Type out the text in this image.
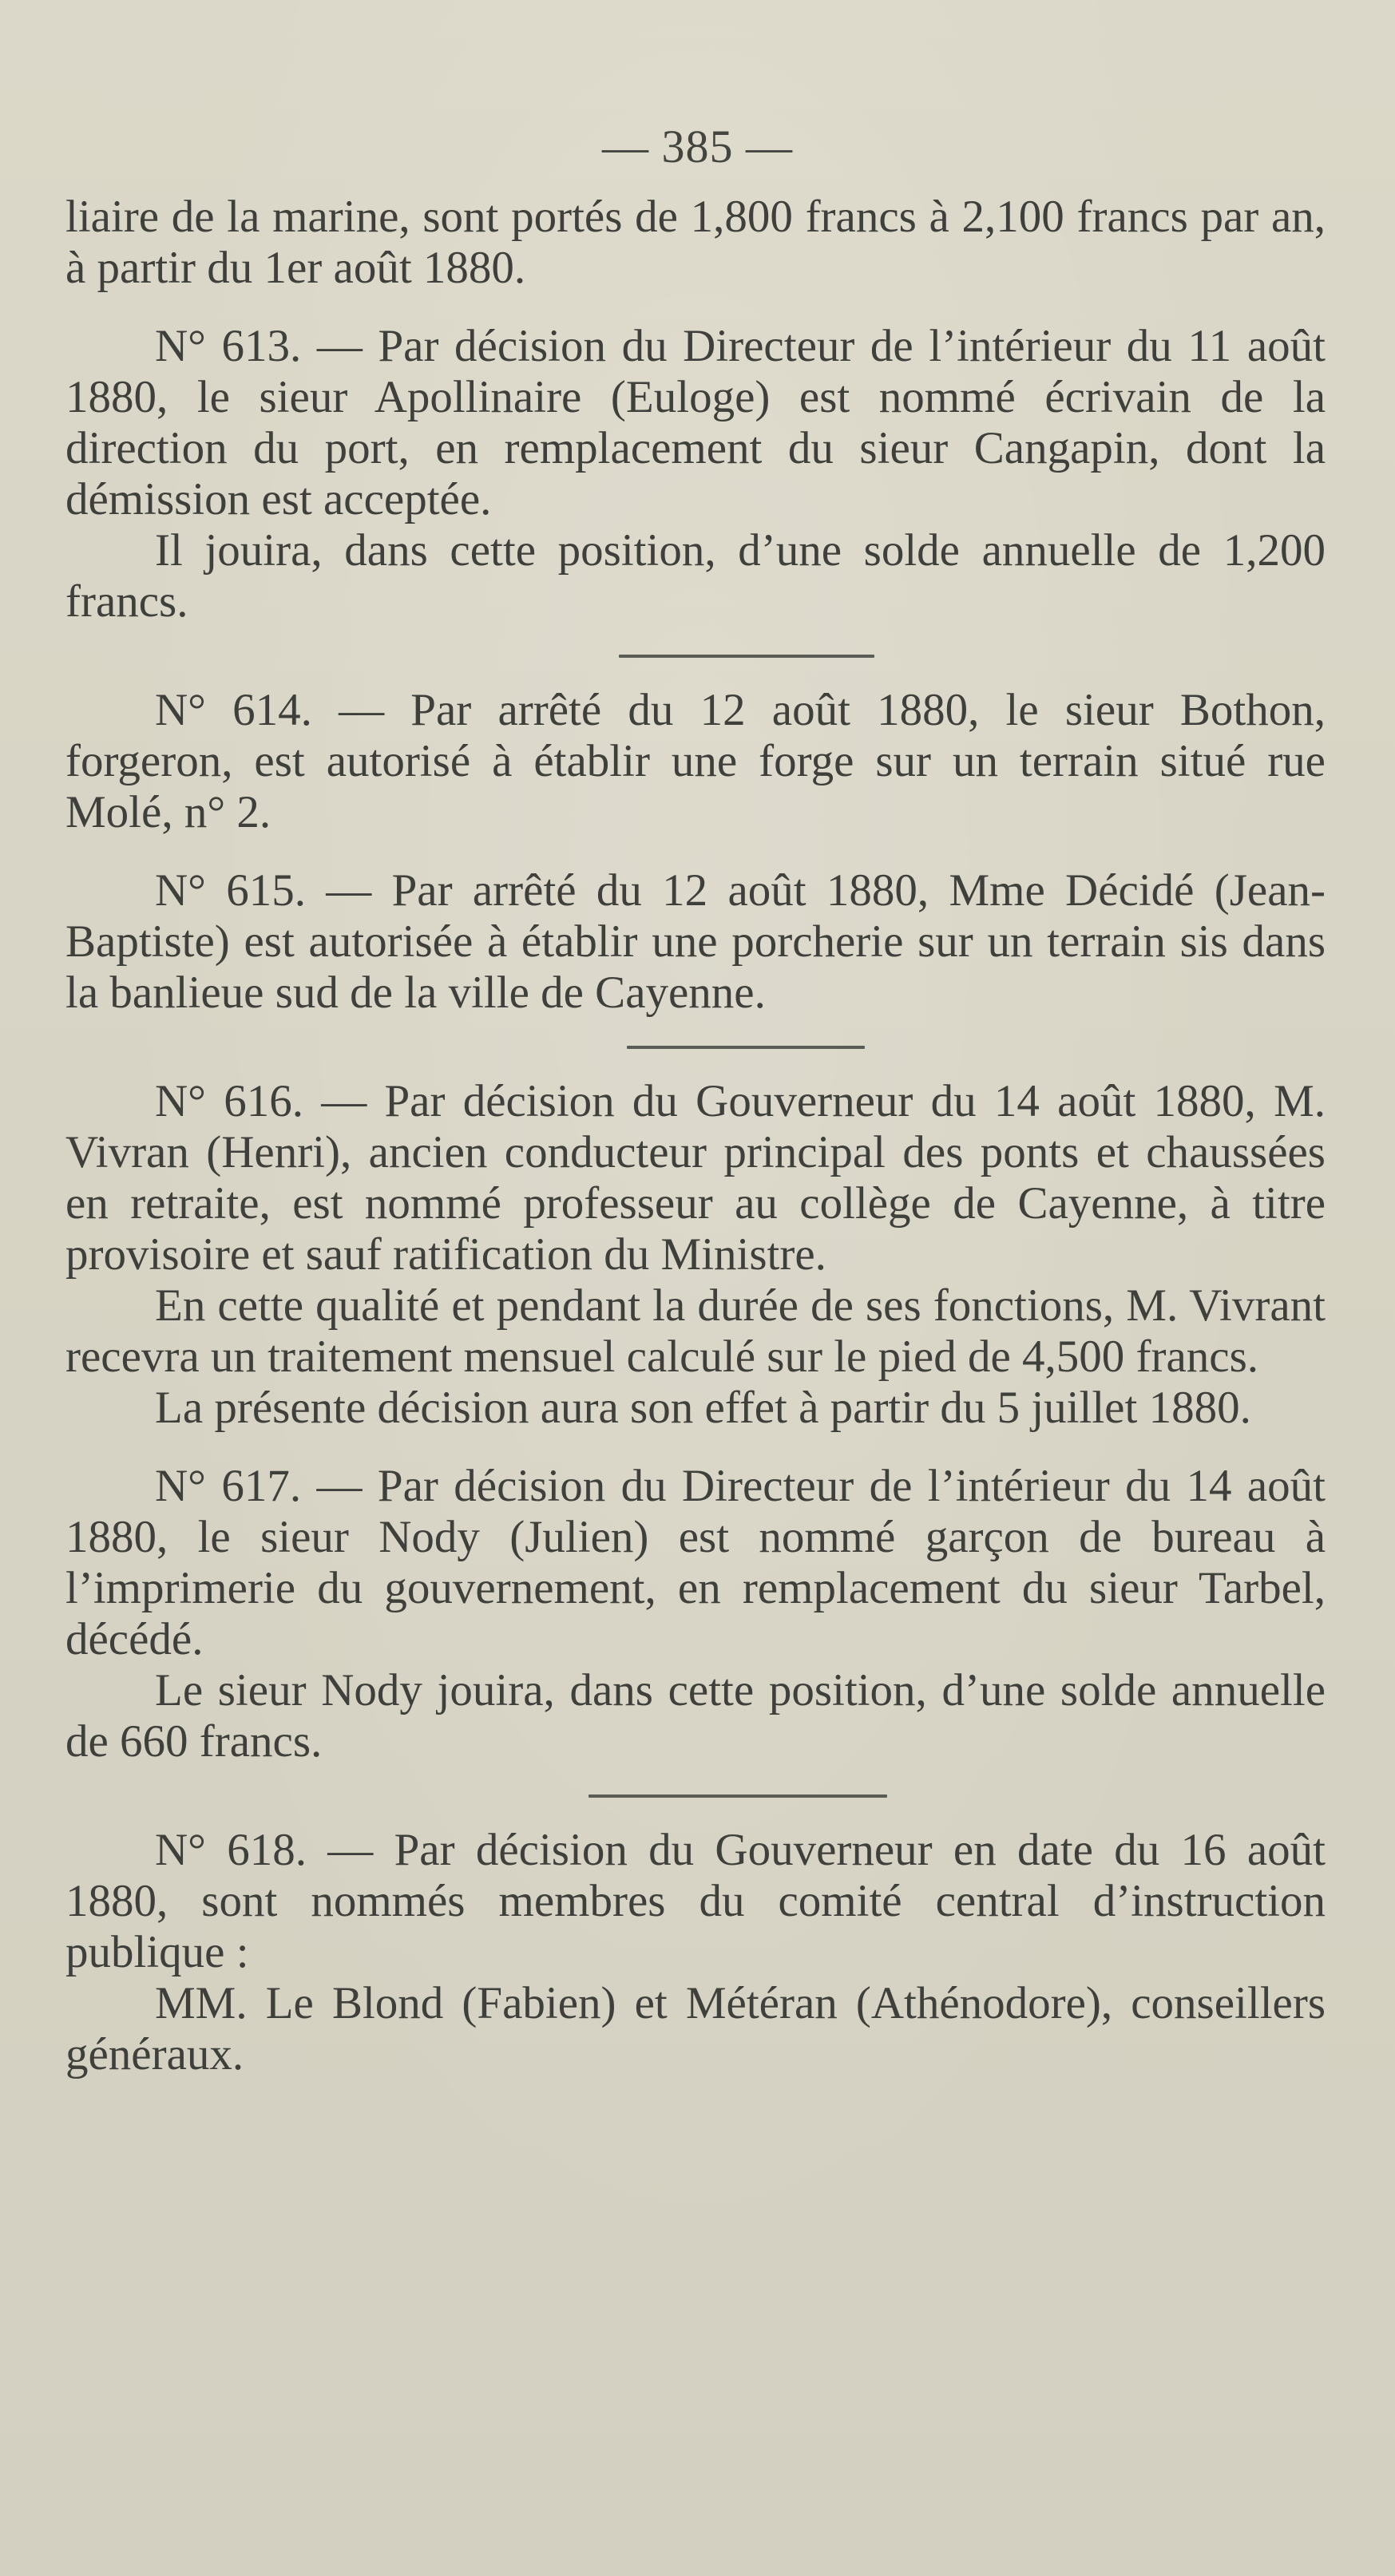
— 385 —

liaire de la marine, sont portés de 1,800 francs à 2,100 francs par an, à partir du 1er août 1880.

N° 613. — Par décision du Directeur de l’intérieur du 11 août 1880, le sieur Apollinaire (Euloge) est nommé écrivain de la direction du port, en remplacement du sieur Cangapin, dont la démission est acceptée.

Il jouira, dans cette position, d’une solde annuelle de 1,200 francs.

N° 614. — Par arrêté du 12 août 1880, le sieur Bothon, forgeron, est autorisé à établir une forge sur un terrain situé rue Molé, n° 2.

N° 615. — Par arrêté du 12 août 1880, Mme Décidé (Jean-Baptiste) est autorisée à établir une porcherie sur un terrain sis dans la banlieue sud de la ville de Cayenne.

N° 616. — Par décision du Gouverneur du 14 août 1880, M. Vivran (Henri), ancien conducteur principal des ponts et chaussées en retraite, est nommé professeur au collège de Cayenne, à titre provisoire et sauf ratification du Ministre.

En cette qualité et pendant la durée de ses fonctions, M. Vivrant recevra un traitement mensuel calculé sur le pied de 4,500 francs.

La présente décision aura son effet à partir du 5 juillet 1880.

N° 617. — Par décision du Directeur de l’intérieur du 14 août 1880, le sieur Nody (Julien) est nommé garçon de bureau à l’imprimerie du gouvernement, en remplacement du sieur Tarbel, décédé.

Le sieur Nody jouira, dans cette position, d’une solde annuelle de 660 francs.

N° 618. — Par décision du Gouverneur en date du 16 août 1880, sont nommés membres du comité central d’instruction publique :

MM. Le Blond (Fabien) et Météran (Athénodore), conseillers généraux.
